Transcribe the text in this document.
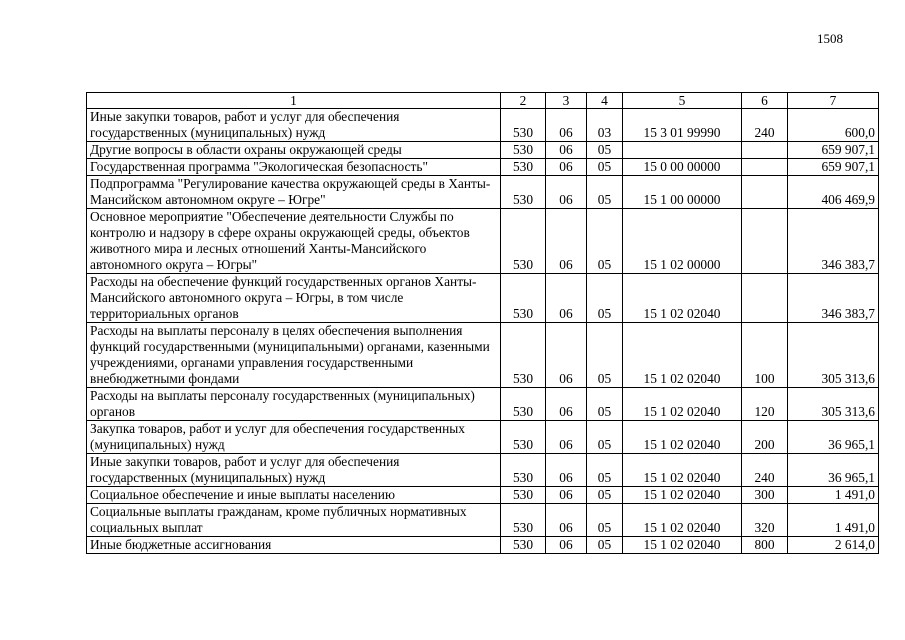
1508
1	2	3	4	5	6	7
Иные закупки товаров, работ и услуг для обеспечения государственных (муниципальных) нужд	530	06	03	15 3 01 99990	240	600,0
Другие вопросы в области охраны окружающей среды	530	06	05			659 907,1
Государственная программа "Экологическая безопасность"	530	06	05	15 0 00 00000		659 907,1
Подпрограмма "Регулирование качества окружающей среды в Ханты-Мансийском автономном округе – Югре"	530	06	05	15 1 00 00000		406 469,9
Основное мероприятие "Обеспечение деятельности Службы по контролю и надзору в сфере охраны окружающей среды, объектов животного мира и лесных отношений Ханты-Мансийского автономного округа – Югры"	530	06	05	15 1 02 00000		346 383,7
Расходы на обеспечение функций государственных органов Ханты-Мансийского автономного округа – Югры, в том числе территориальных органов	530	06	05	15 1 02 02040		346 383,7
Расходы на выплаты персоналу в целях обеспечения выполнения функций государственными (муниципальными) органами, казенными учреждениями, органами управления государственными внебюджетными фондами	530	06	05	15 1 02 02040	100	305 313,6
Расходы на выплаты персоналу государственных (муниципальных) органов	530	06	05	15 1 02 02040	120	305 313,6
Закупка товаров, работ и услуг для обеспечения государственных (муниципальных) нужд	530	06	05	15 1 02 02040	200	36 965,1
Иные закупки товаров, работ и услуг для обеспечения государственных (муниципальных) нужд	530	06	05	15 1 02 02040	240	36 965,1
Социальное обеспечение и иные выплаты населению	530	06	05	15 1 02 02040	300	1 491,0
Социальные выплаты гражданам, кроме публичных нормативных социальных выплат	530	06	05	15 1 02 02040	320	1 491,0
Иные бюджетные ассигнования	530	06	05	15 1 02 02040	800	2 614,0
